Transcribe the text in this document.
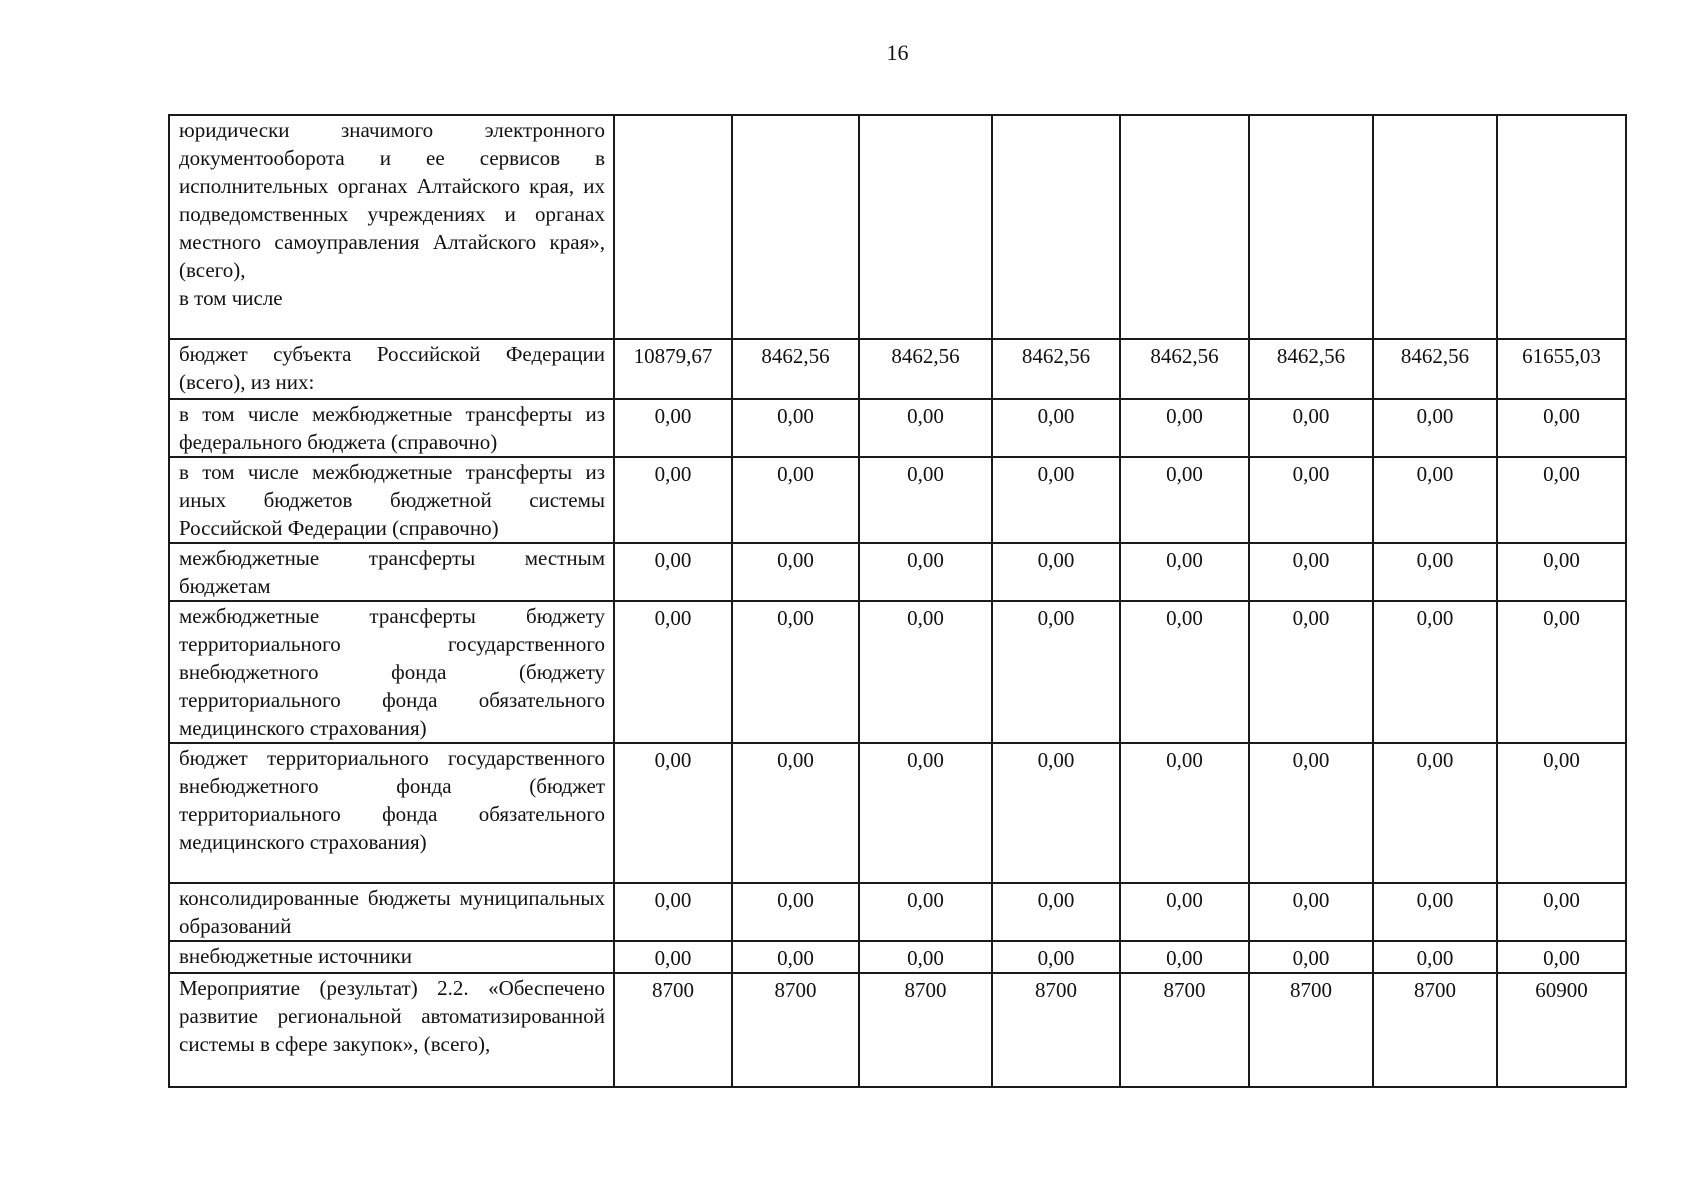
16
юридически значимого электронного документооборота и ее сервисов в исполнительных органах Алтайского края, их подведомственных учреждениях и органах местного самоуправления Алтайского края», (всего),
в том числе								

бюджет субъекта Российской Федерации (всего), из них:	10879,67	8462,56	8462,56	8462,56	8462,56	8462,56	8462,56	61655,03

в том числе межбюджетные трансферты из федерального бюджета (справочно)	0,00	0,00	0,00	0,00	0,00	0,00	0,00	0,00

в том числе межбюджетные трансферты из иных бюджетов бюджетной системы Российской Федерации (справочно)	0,00	0,00	0,00	0,00	0,00	0,00	0,00	0,00

межбюджетные трансферты местным бюджетам	0,00	0,00	0,00	0,00	0,00	0,00	0,00	0,00

межбюджетные трансферты бюджету территориального государственного внебюджетного фонда (бюджету территориального фонда обязательного медицинского страхования)	0,00	0,00	0,00	0,00	0,00	0,00	0,00	0,00

бюджет территориального государственного внебюджетного фонда (бюджет территориального фонда обязательного медицинского страхования)	0,00	0,00	0,00	0,00	0,00	0,00	0,00	0,00

консолидированные бюджеты муниципальных образований	0,00	0,00	0,00	0,00	0,00	0,00	0,00	0,00

внебюджетные источники	0,00	0,00	0,00	0,00	0,00	0,00	0,00	0,00

Мероприятие (результат) 2.2. «Обеспечено развитие региональной автоматизированной системы в сфере закупок», (всего),	8700	8700	8700	8700	8700	8700	8700	60900
